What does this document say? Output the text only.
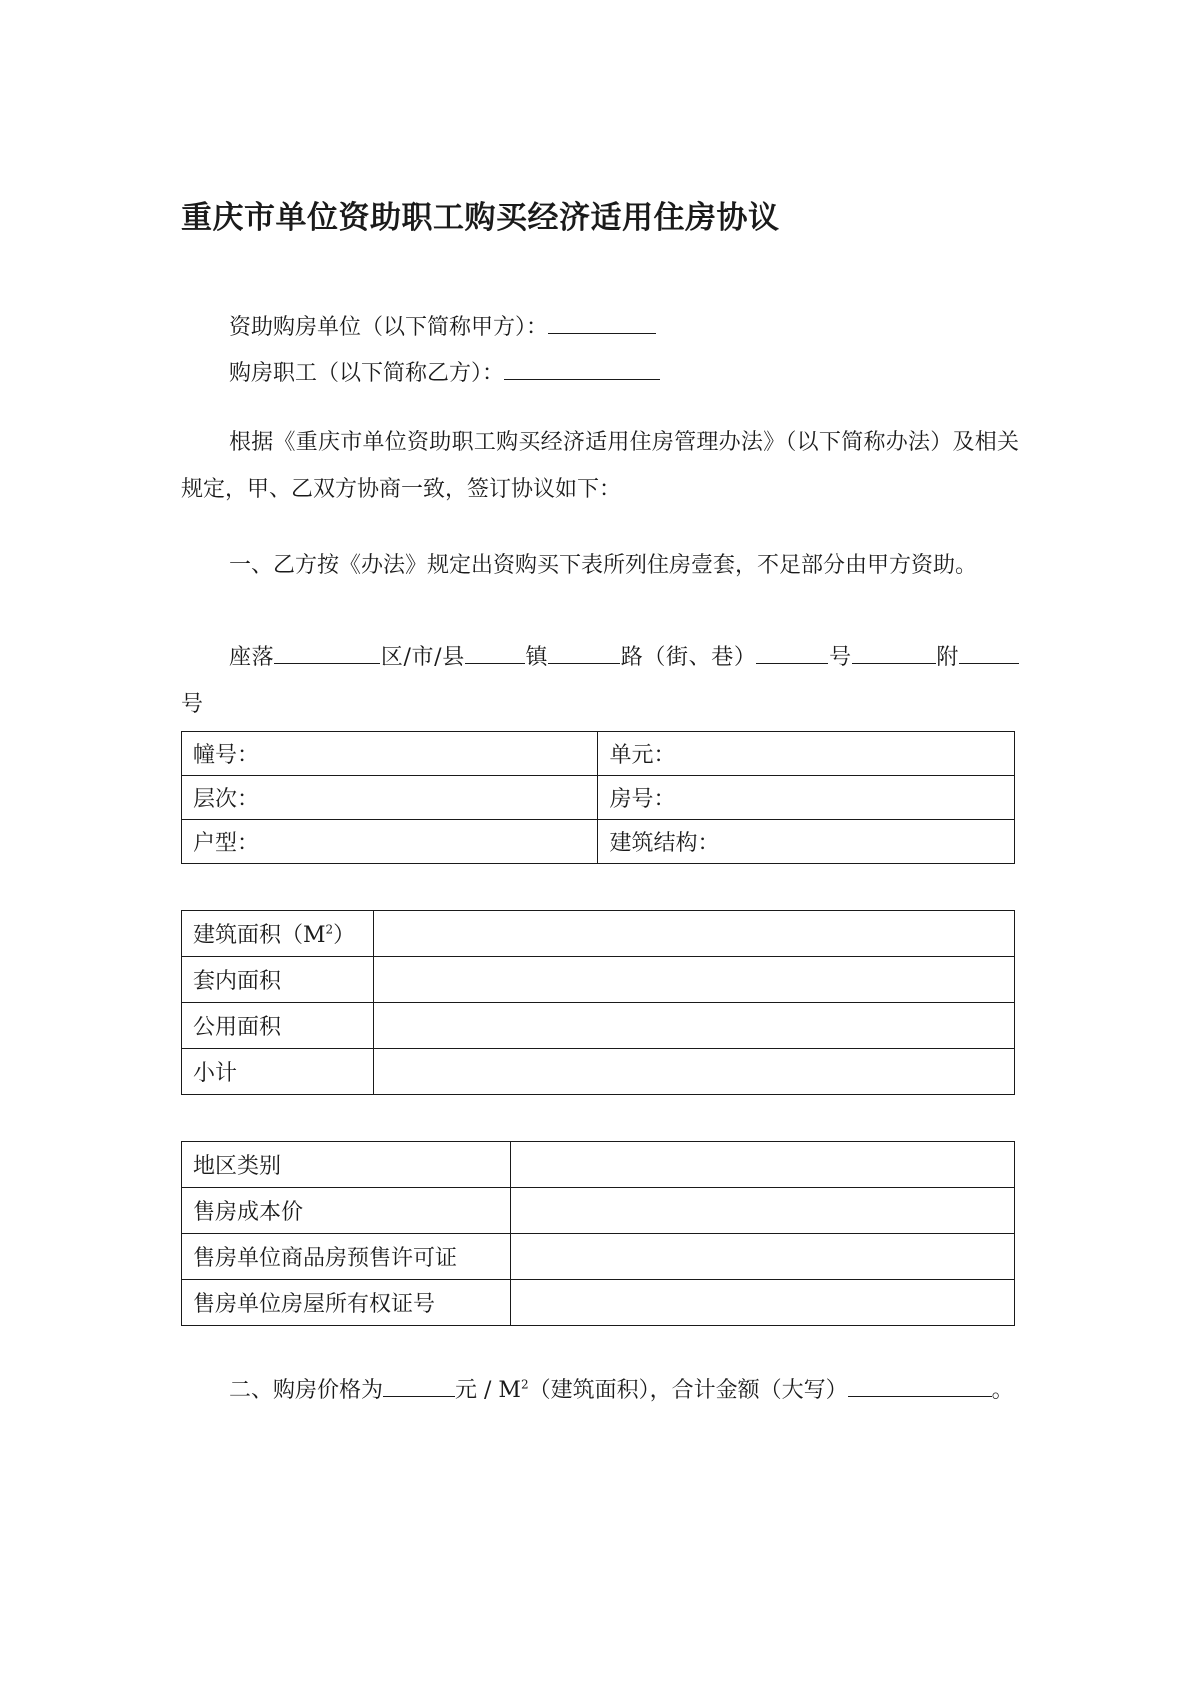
重庆市单位资助职工购买经济适用住房协议

资助购房单位（以下简称甲方）：

购房职工（以下简称乙方）：

根据《重庆市单位资助职工购买经济适用住房管理办法》（以下简称办法）及相关规定，甲、乙双方协商一致，签订协议如下：

一、乙方按《办法》规定出资购买下表所列住房壹套，不足部分由甲方资助。

座落	区/市/县	镇	路（街、巷）	号	附号

幢号：	单元：
层次：	房号：
户型：	建筑结构：
建筑面积$(M^2)$	
套内面积	
公用面积	
小计	
地区类别	
售房成本价	
售房单位商品房预售许可证	
售房单位房屋所有权证号	

二、购房价格为	元 / $M^2$（建筑面积），合计金额（大写）	。
